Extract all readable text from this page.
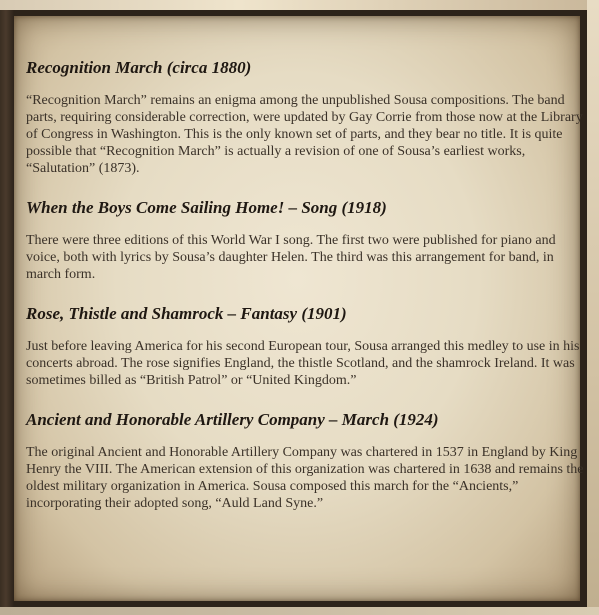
Recognition March (circa 1880)

“Recognition March” remains an enigma among the unpublished Sousa compositions. The band parts, requiring considerable correction, were updated by Gay Corrie from those now at the Library of Congress in Washington. This is the only known set of parts, and they bear no title. It is quite possible that “Recognition March” is actually a revision of one of Sousa’s earliest works, “Salutation” (1873).

When the Boys Come Sailing Home! – Song (1918)

There were three editions of this World War I song. The first two were published for piano and voice, both with lyrics by Sousa’s daughter Helen. The third was this arrangement for band, in march form.

Rose, Thistle and Shamrock – Fantasy (1901)

Just before leaving America for his second European tour, Sousa arranged this medley to use in his concerts abroad. The rose signifies England, the thistle Scotland, and the shamrock Ireland. It was sometimes billed as “British Patrol” or “United Kingdom.”

Ancient and Honorable Artillery Company – March (1924)

The original Ancient and Honorable Artillery Company was chartered in 1537 in England by King Henry the VIII. The American extension of this organization was chartered in 1638 and remains the oldest military organization in America. Sousa composed this march for the “Ancients,” incorporating their adopted song, “Auld Land Syne.”
